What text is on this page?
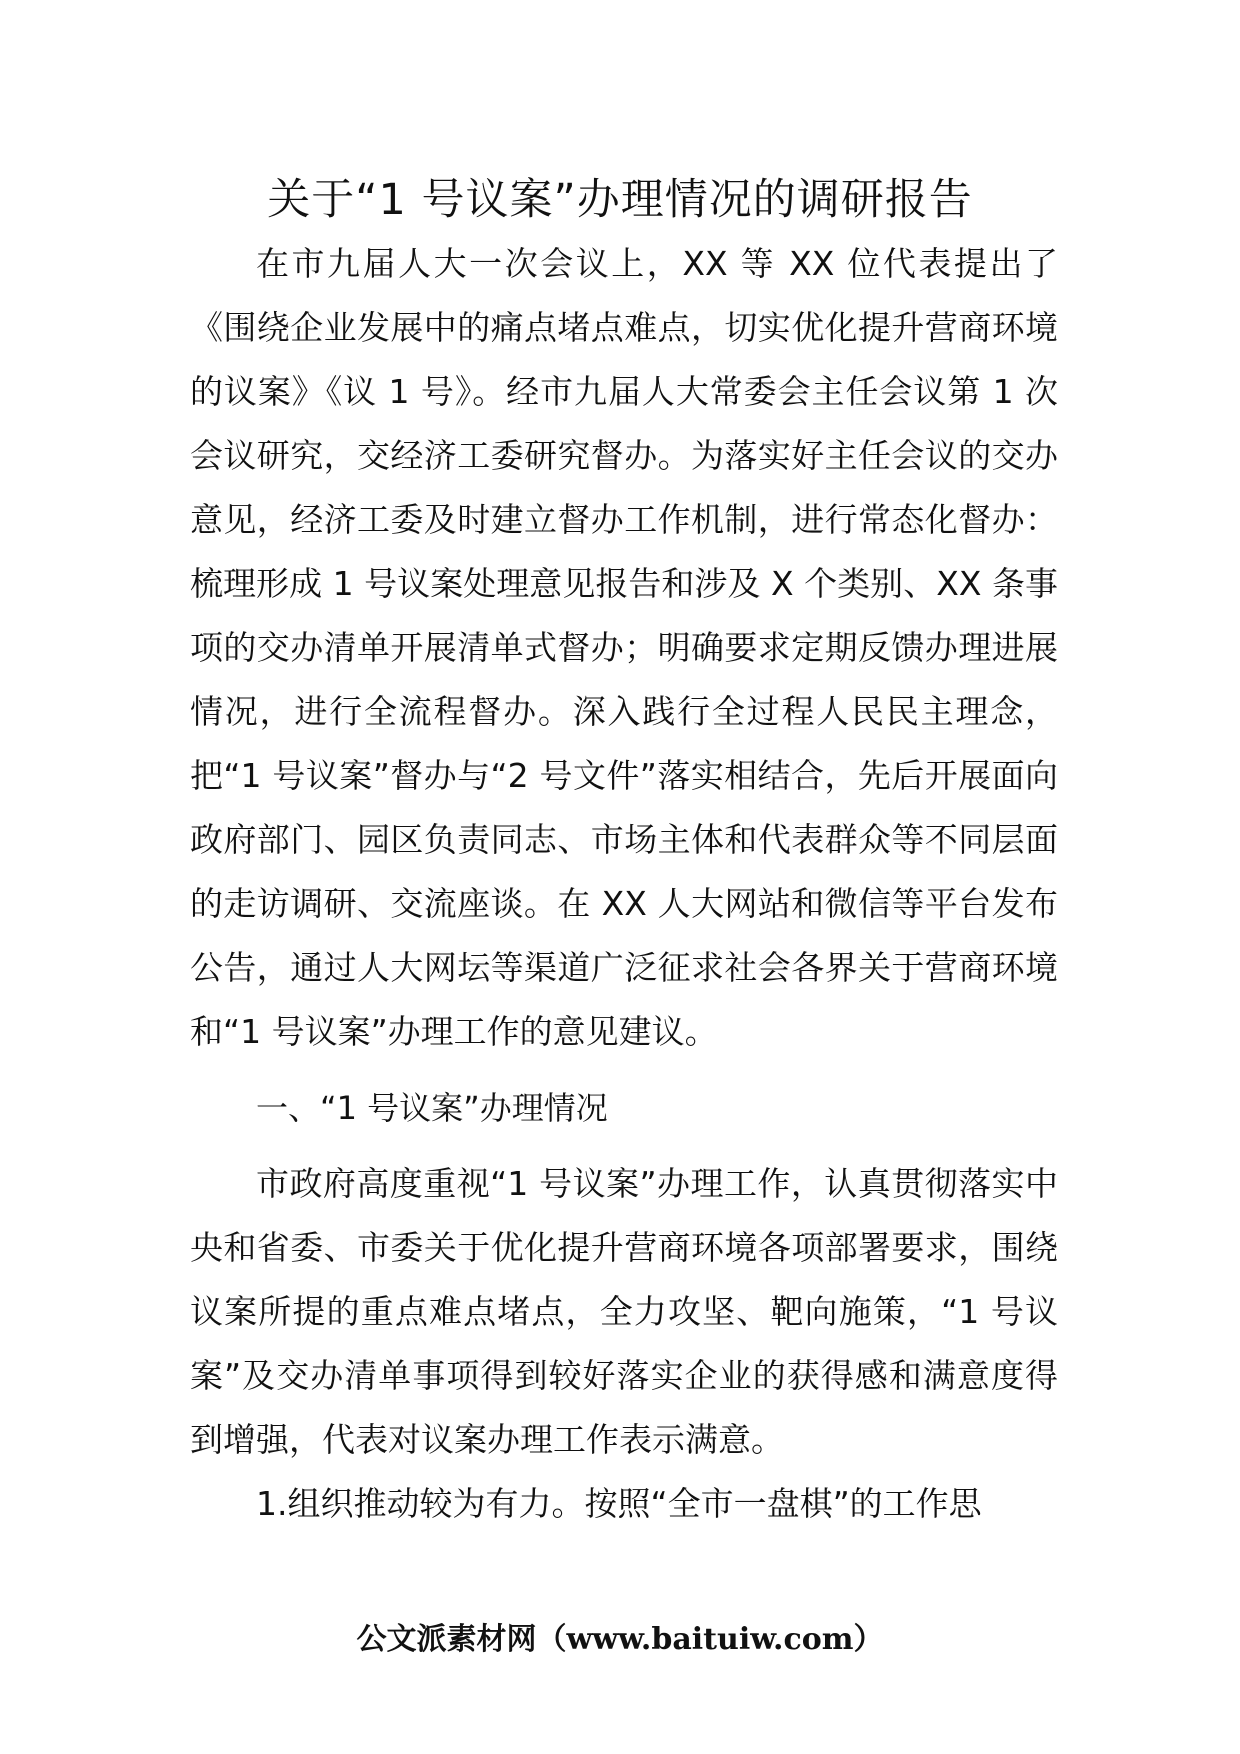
关于“1 号议案”办理情况的调研报告

在市九届人大一次会议上，XX 等 XX 位代表提出了《围绕企业发展中的痛点堵点难点，切实优化提升营商环境的议案》《议 1 号》。经市九届人大常委会主任会议第 1 次会议研究，交经济工委研究督办。为落实好主任会议的交办意见，经济工委及时建立督办工作机制，进行常态化督办：梳理形成 1 号议案处理意见报告和涉及 X 个类别、XX 条事项的交办清单开展清单式督办；明确要求定期反馈办理进展情况，进行全流程督办。深入践行全过程人民民主理念，把“1 号议案”督办与“2 号文件”落实相结合，先后开展面向政府部门、园区负责同志、市场主体和代表群众等不同层面的走访调研、交流座谈。在 XX 人大网站和微信等平台发布公告，通过人大网坛等渠道广泛征求社会各界关于营商环境和“1 号议案”办理工作的意见建议。

一、“1 号议案”办理情况

市政府高度重视“1 号议案”办理工作，认真贯彻落实中央和省委、市委关于优化提升营商环境各项部署要求，围绕议案所提的重点难点堵点，全力攻坚、靶向施策，“1 号议案”及交办清单事项得到较好落实企业的获得感和满意度得到增强，代表对议案办理工作表示满意。

1.组织推动较为有力。按照“全市一盘棋”的工作思

公文派素材网（www.baituiw.com）
